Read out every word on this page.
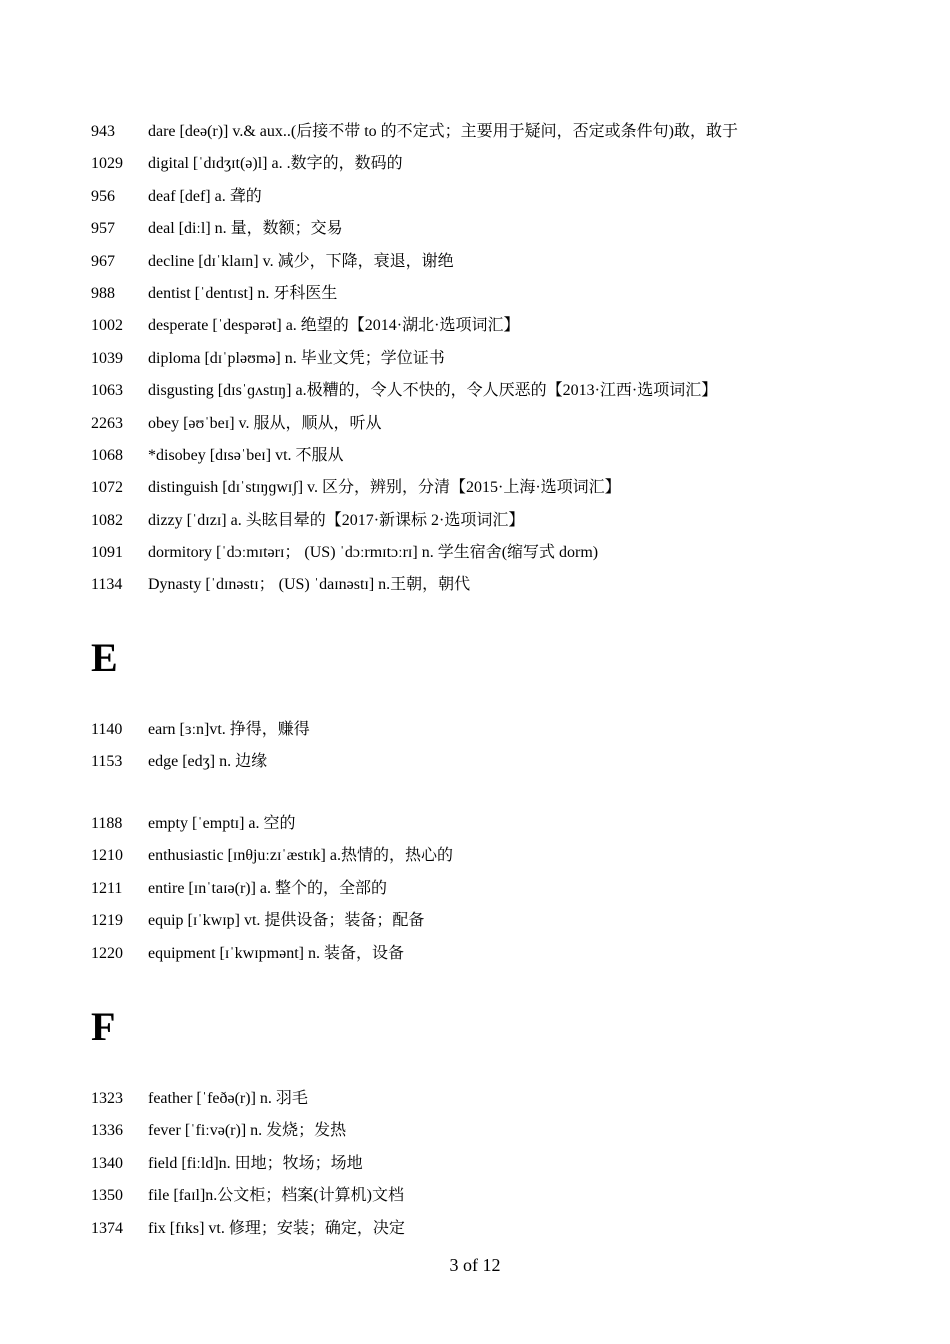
943 dare [deə(r)] v.& aux..(后接不带 to 的不定式；主要用于疑问，否定或条件句)敢，敢于
1029 digital [ˈdɪdʒɪt(ə)l] a. .数字的，数码的
956 deaf [def] a. 聋的
957 deal [diːl] n. 量，数额；交易
967 decline [dɪˈklaɪn] v. 减少，下降，衰退，谢绝
988 dentist [ˈdentɪst] n. 牙科医生
1002 desperate [ˈdespərət] a. 绝望的【2014·湖北·选项词汇】
1039 diploma [dɪˈpləʊmə] n. 毕业文凭；学位证书
1063 disgusting [dɪsˈɡʌstɪŋ] a.极糟的，令人不快的，令人厌恶的【2013·江西·选项词汇】
2263 obey [əʊˈbeɪ] v. 服从，顺从，听从
1068 *disobey [dɪsəˈbeɪ] vt. 不服从
1072 distinguish [dɪˈstɪŋɡwɪʃ] v. 区分，辨别，分清【2015·上海·选项词汇】
1082 dizzy [ˈdɪzɪ] a. 头眩目晕的【2017·新课标 2·选项词汇】
1091 dormitory [ˈdɔːmɪtərɪ； (US) ˈdɔːrmɪtɔːrɪ] n. 学生宿舍(缩写式 dorm)
1134 Dynasty [ˈdɪnəstɪ； (US) ˈdaɪnəstɪ] n.王朝，朝代
E
1140 earn [ɜːn]vt. 挣得，赚得
1153 edge [edʒ] n. 边缘
1188 empty [ˈemptɪ] a. 空的
1210 enthusiastic [ɪnθjuːzɪˈæstɪk] a.热情的，热心的
1211 entire [ɪnˈtaɪə(r)] a. 整个的，全部的
1219 equip [ɪˈkwɪp] vt. 提供设备；装备；配备
1220 equipment [ɪˈkwɪpmənt] n. 装备，设备
F
1323 feather [ˈfeðə(r)] n. 羽毛
1336 fever [ˈfiːvə(r)] n. 发烧；发热
1340 field [fiːld]n. 田地；牧场；场地
1350 file [faɪl]n.公文柜；档案(计算机)文档
1374 fix [fɪks] vt. 修理；安装；确定，决定
3 of 12
